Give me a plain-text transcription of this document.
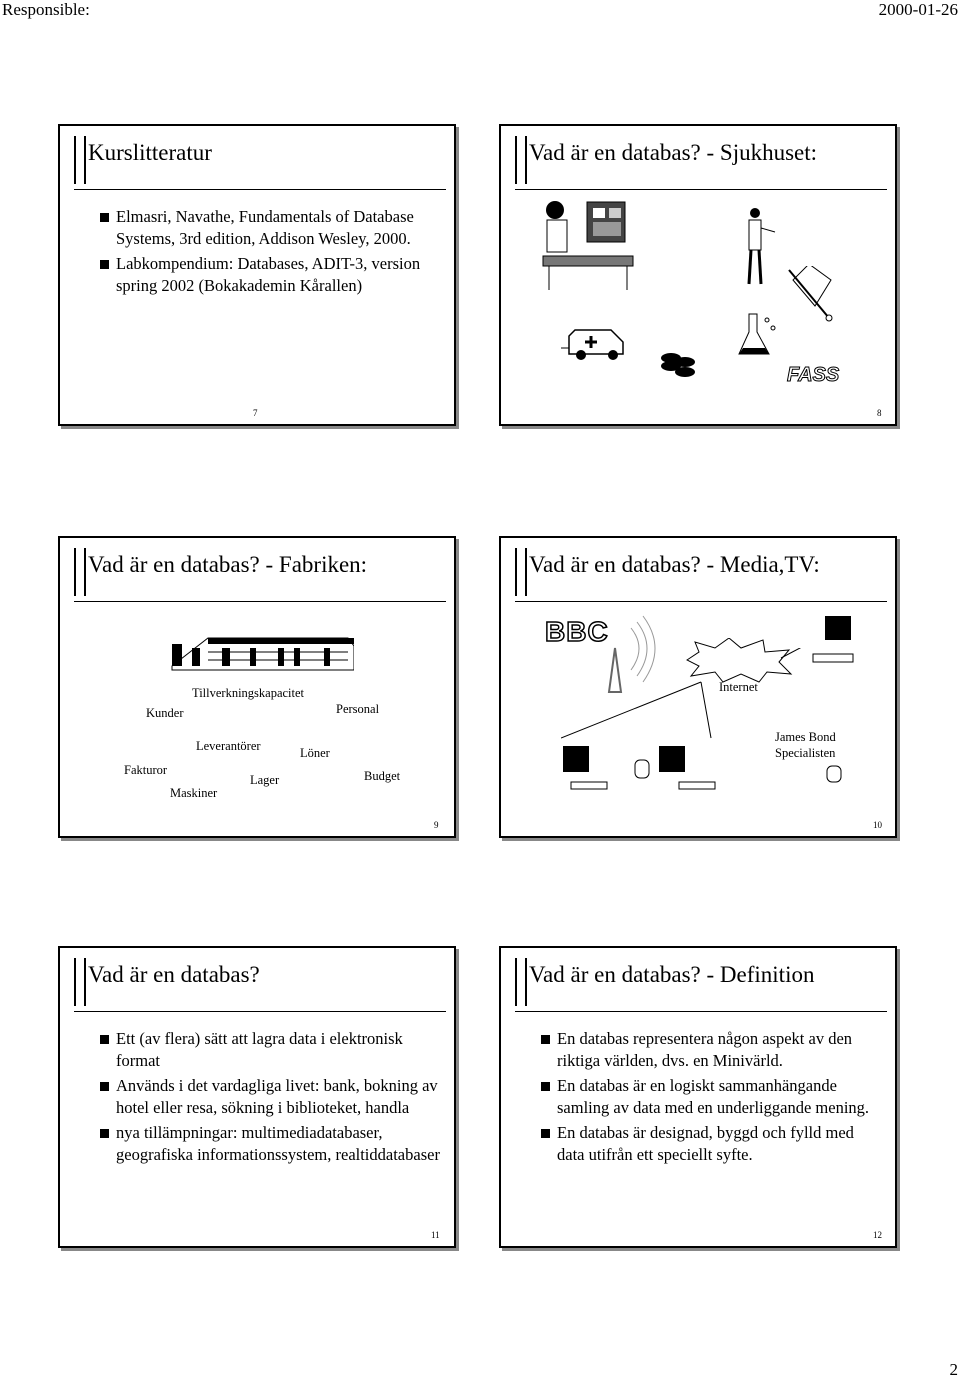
Responsible:	2000-01-26
Kurslitteratur
Elmasri, Navathe, Fundamentals of Database Systems, 3rd edition, Addison Wesley, 2000.
Labkompendium: Databases, ADIT-3, version spring 2002 (Bokakademin Kårallen)
7
Vad är en databas? - Sjukhuset:
FASS
8
Vad är en databas? - Fabriken:
Tillverkningskapacitet
Kunder	Personal
Leverantörer	Löner
Fakturor
Lager	Budget
Maskiner
9
Vad är en databas? - Media,TV:
BBC
Internet
James Bond
Specialisten
10
Vad är en databas?
Ett (av flera) sätt att lagra data i elektronisk format
Används i det vardagliga livet: bank, bokning av hotel eller resa, sökning i biblioteket, handla
nya tillämpningar: multimediadatabaser, geografiska informationssystem, realtiddatabaser
11
Vad är en databas? - Definition
En databas representera någon aspekt av den riktiga världen, dvs. en Minivärld.
En databas är en logiskt sammanhängande samling av data med en underliggande mening.
En databas är designad, byggd och fylld med data utifrån ett speciellt syfte.
12
2
